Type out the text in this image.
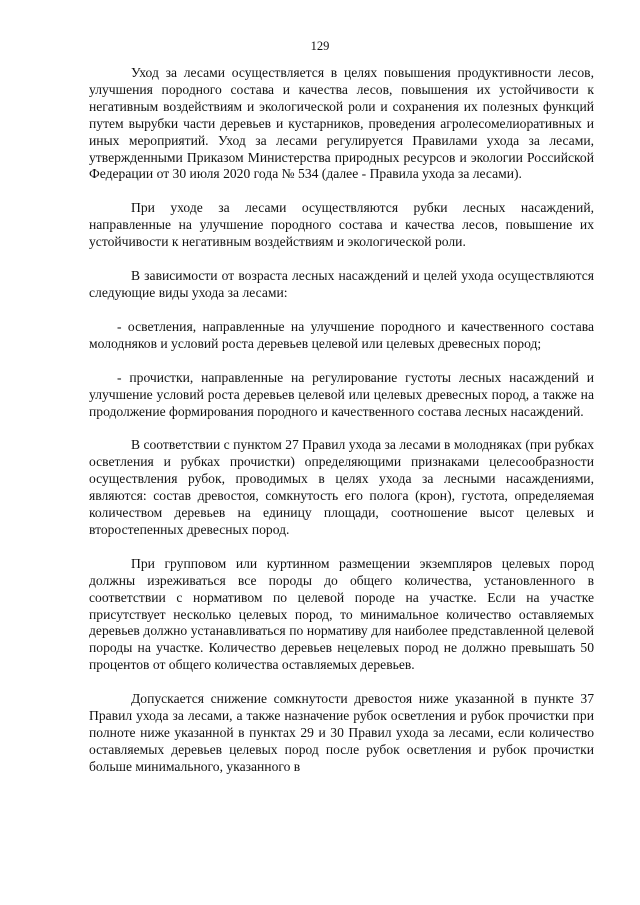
129

Уход за лесами осуществляется в целях повышения продуктивности лесов, улучшения породного состава и качества лесов, повышения их устойчивости к негативным воздействиям и экологической роли и сохранения их полезных функций путем вырубки части деревьев и кустарников, проведения агролесомелиоративных и иных мероприятий. Уход за лесами регулируется Правилами ухода за лесами, утвержденными Приказом Министерства природных ресурсов и экологии Российской Федерации от 30 июля 2020 года № 534 (далее - Правила ухода за лесами).

При уходе за лесами осуществляются рубки лесных насаждений, направленные на улучшение породного состава и качества лесов, повышение их устойчивости к негативным воздействиям и экологической роли.

В зависимости от возраста лесных насаждений и целей ухода осуществляются следующие виды ухода за лесами:

- осветления, направленные на улучшение породного и качественного состава молодняков и условий роста деревьев целевой или целевых древесных пород;

- прочистки, направленные на регулирование густоты лесных насаждений и улучшение условий роста деревьев целевой или целевых древесных пород, а также на продолжение формирования породного и качественного состава лесных насаждений.

В соответствии с пунктом 27 Правил ухода за лесами в молодняках (при рубках осветления и рубках прочистки) определяющими признаками целесообразности осуществления рубок, проводимых в целях ухода за лесными насаждениями, являются: состав древостоя, сомкнутость его полога (крон), густота, определяемая количеством деревьев на единицу площади, соотношение высот целевых и второстепенных древесных пород.

При групповом или куртинном размещении экземпляров целевых пород должны изреживаться все породы до общего количества, установленного в соответствии с нормативом по целевой породе на участке. Если на участке присутствует несколько целевых пород, то минимальное количество оставляемых деревьев должно устанавливаться по нормативу для наиболее представленной целевой породы на участке. Количество деревьев нецелевых пород не должно превышать 50 процентов от общего количества оставляемых деревьев.

Допускается снижение сомкнутости древостоя ниже указанной в пункте 37 Правил ухода за лесами, а также назначение рубок осветления и рубок прочистки при полноте ниже указанной в пунктах 29 и 30 Правил ухода за лесами, если количество оставляемых деревьев целевых пород после рубок осветления и рубок прочистки больше минимального, указанного в
